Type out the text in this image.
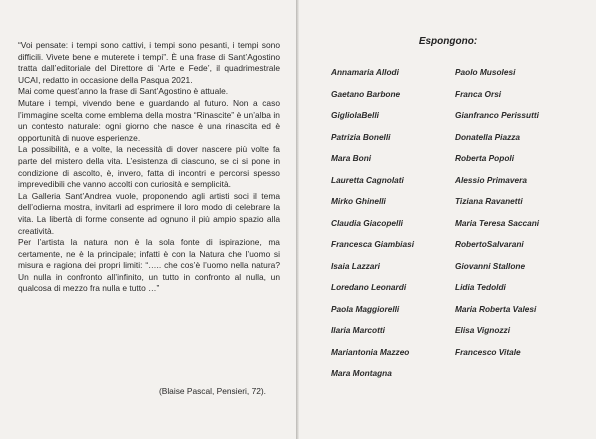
“Voi pensate: i tempi sono cattivi, i tempi sono pesanti, i tempi sono difficili. Vivete bene e muterete i tempi”. È una frase di Sant’Agostino tratta dall’editoriale del Direttore di ‘Arte e Fede’, il quadrimestrale UCAI, redatto in occasione della Pasqua 2021.

Mai come quest’anno la frase di Sant’Agostino è attuale.

Mutare i tempi, vivendo bene e guardando al futuro. Non a caso l’immagine scelta come emblema della mostra “Rinascite” è un’alba in un contesto naturale: ogni giorno che nasce è una rinascita ed è opportunità di nuove esperienze.

La possibilità, e a volte, la necessità di dover nascere più volte fa parte del mistero della vita. L’esistenza di ciascuno, se ci si pone in condizione di ascolto, è, invero, fatta di incontri e percorsi spesso imprevedibili che vanno accolti con curiosità e semplicità.

La Galleria Sant’Andrea vuole, proponendo agli artisti soci il tema dell’odierna mostra, invitarli ad esprimere il loro modo di celebrare la vita. La libertà di forme consente ad ognuno il più ampio spazio alla creatività.

Per l’artista la natura non è la sola fonte di ispirazione, ma certamente, ne è la principale; infatti è con la Natura che l’uomo si misura e ragiona dei propri limiti: “….. che cos’è l’uomo nella natura? Un nulla in confronto all’infinito, un tutto in confronto al nulla, un qualcosa di mezzo fra nulla e tutto …”

(Blaise Pascal, Pensieri, 72).
Espongono:
Annamaria Allodi
Gaetano Barbone
GigliolaBelli
Patrizia Bonelli
Mara Boni
Lauretta Cagnolati
Mirko Ghinelli
Claudia Giacopelli
Francesca Giambiasi
Isaia Lazzari
Loredano Leonardi
Paola Maggiorelli
Ilaria Marcotti
Mariantonia Mazzeo
Mara Montagna
Paolo Musolesi
Franca Orsi
Gianfranco Perissutti
Donatella Piazza
Roberta Popoli
Alessio Primavera
Tiziana Ravanetti
Maria Teresa Saccani
RobertoSalvarani
Giovanni Stallone
Lidia Tedoldi
Maria Roberta Valesi
Elisa Vignozzi
Francesco Vitale
